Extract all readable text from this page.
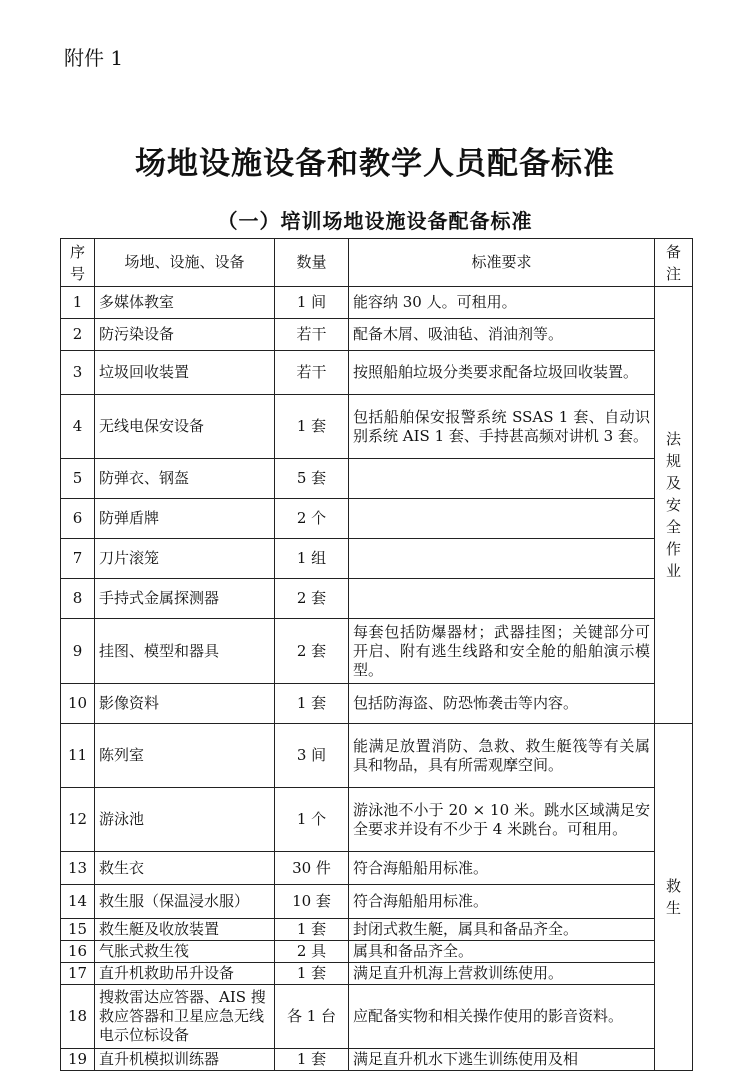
附件 1
场地设施设备和教学人员配备标准
（一）培训场地设施设备配备标准
序号	场地、设施、设备	数量	标准要求	备注
1	多媒体教室	1 间	能容纳 30 人。可租用。	法规及安全作业
2	防污染设备	若干	配备木屑、吸油毡、消油剂等。	
3	垃圾回收装置	若干	按照船舶垃圾分类要求配备垃圾回收装置。	
4	无线电保安设备	1 套	包括船舶保安报警系统 SSAS 1 套、自动识别系统 AIS 1 套、手持甚高频对讲机 3 套。	
5	防弹衣、钢盔	5 套		
6	防弹盾牌	2 个		
7	刀片滚笼	1 组		
8	手持式金属探测器	2 套		
9	挂图、模型和器具	2 套	每套包括防爆器材；武器挂图；关键部分可开启、附有逃生线路和安全舱的船舶演示模型。	
10	影像资料	1 套	包括防海盗、防恐怖袭击等内容。	
11	陈列室	3 间	能满足放置消防、急救、救生艇筏等有关属具和物品，具有所需观摩空间。	救生
12	游泳池	1 个	游泳池不小于 20 × 10 米。跳水区域满足安全要求并设有不少于 4 米跳台。可租用。	
13	救生衣	30 件	符合海船船用标准。	
14	救生服（保温浸水服）	10 套	符合海船船用标准。	
15	救生艇及收放装置	1 套	封闭式救生艇，属具和备品齐全。	
16	气胀式救生筏	2 具	属具和备品齐全。	
17	直升机救助吊升设备	1 套	满足直升机海上营救训练使用。	
18	搜救雷达应答器、AIS 搜救应答器和卫星应急无线电示位标设备	各 1 台	应配备实物和相关操作使用的影音资料。	
19	直升机模拟训练器	1 套	满足直升机水下逃生训练使用及相	
